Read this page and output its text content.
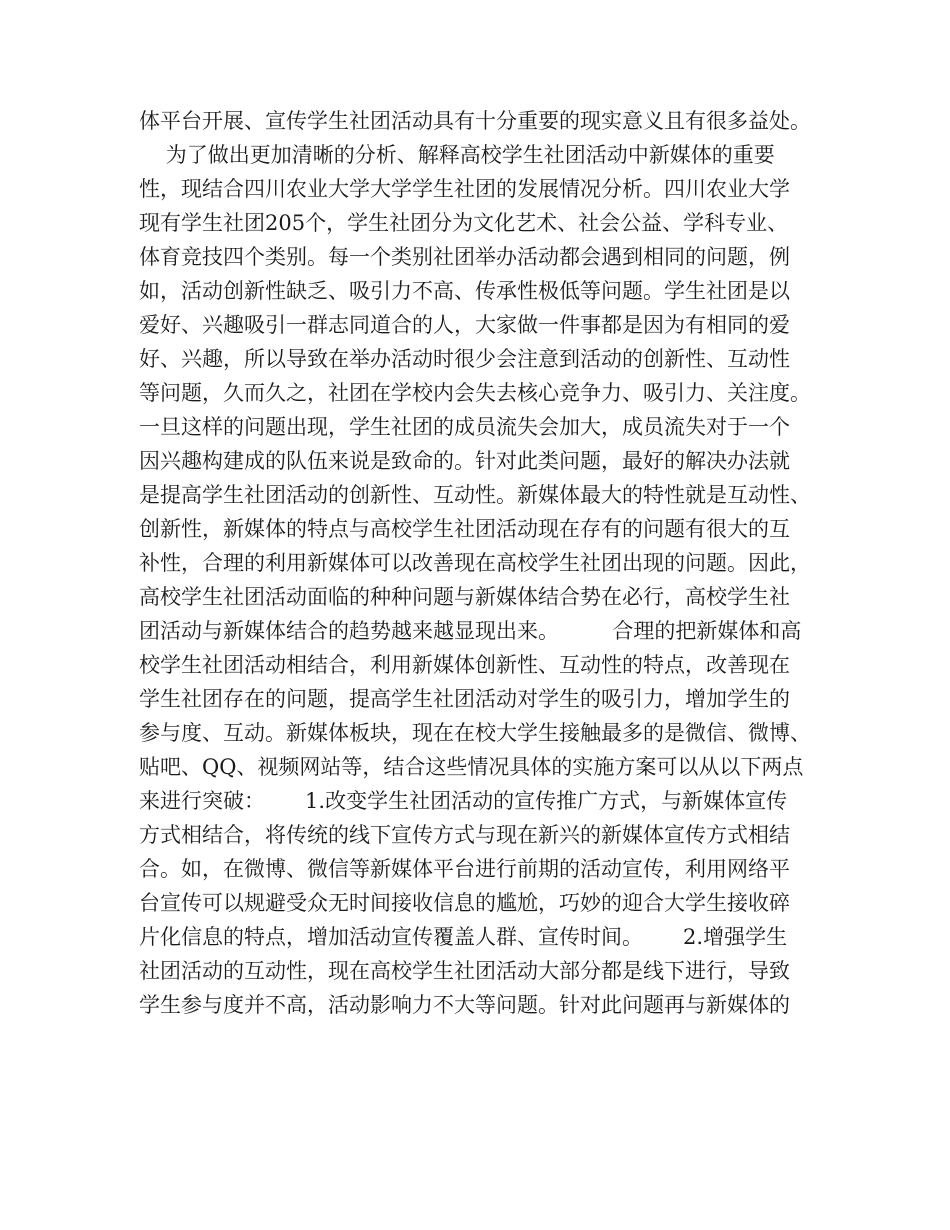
体平台开展、宣传学生社团活动具有十分重要的现实意义且有很多益处。
为了做出更加清晰的分析、解释高校学生社团活动中新媒体的重要
性，现结合四川农业大学大学学生社团的发展情况分析。四川农业大学
现有学生社团205个，学生社团分为文化艺术、社会公益、学科专业、
体育竞技四个类别。每一个类别社团举办活动都会遇到相同的问题，例
如，活动创新性缺乏、吸引力不高、传承性极低等问题。学生社团是以
爱好、兴趣吸引一群志同道合的人，大家做一件事都是因为有相同的爱
好、兴趣，所以导致在举办活动时很少会注意到活动的创新性、互动性
等问题，久而久之，社团在学校内会失去核心竞争力、吸引力、关注度。
一旦这样的问题出现，学生社团的成员流失会加大，成员流失对于一个
因兴趣构建成的队伍来说是致命的。针对此类问题，最好的解决办法就
是提高学生社团活动的创新性、互动性。新媒体最大的特性就是互动性、
创新性，新媒体的特点与高校学生社团活动现在存有的问题有很大的互
补性，合理的利用新媒体可以改善现在高校学生社团出现的问题。因此，
高校学生社团活动面临的种种问题与新媒体结合势在必行，高校学生社
团活动与新媒体结合的趋势越来越显现出来。        合理的把新媒体和高
校学生社团活动相结合，利用新媒体创新性、互动性的特点，改善现在
学生社团存在的问题，提高学生社团活动对学生的吸引力，增加学生的
参与度、互动。新媒体板块，现在在校大学生接触最多的是微信、微博、
贴吧、QQ、视频网站等，结合这些情况具体的实施方案可以从以下两点
来进行突破：      1.改变学生社团活动的宣传推广方式，与新媒体宣传
方式相结合，将传统的线下宣传方式与现在新兴的新媒体宣传方式相结
合。如，在微博、微信等新媒体平台进行前期的活动宣传，利用网络平
台宣传可以规避受众无时间接收信息的尴尬，巧妙的迎合大学生接收碎
片化信息的特点，增加活动宣传覆盖人群、宣传时间。      2.增强学生
社团活动的互动性，现在高校学生社团活动大部分都是线下进行，导致
学生参与度并不高，活动影响力不大等问题。针对此问题再与新媒体的
